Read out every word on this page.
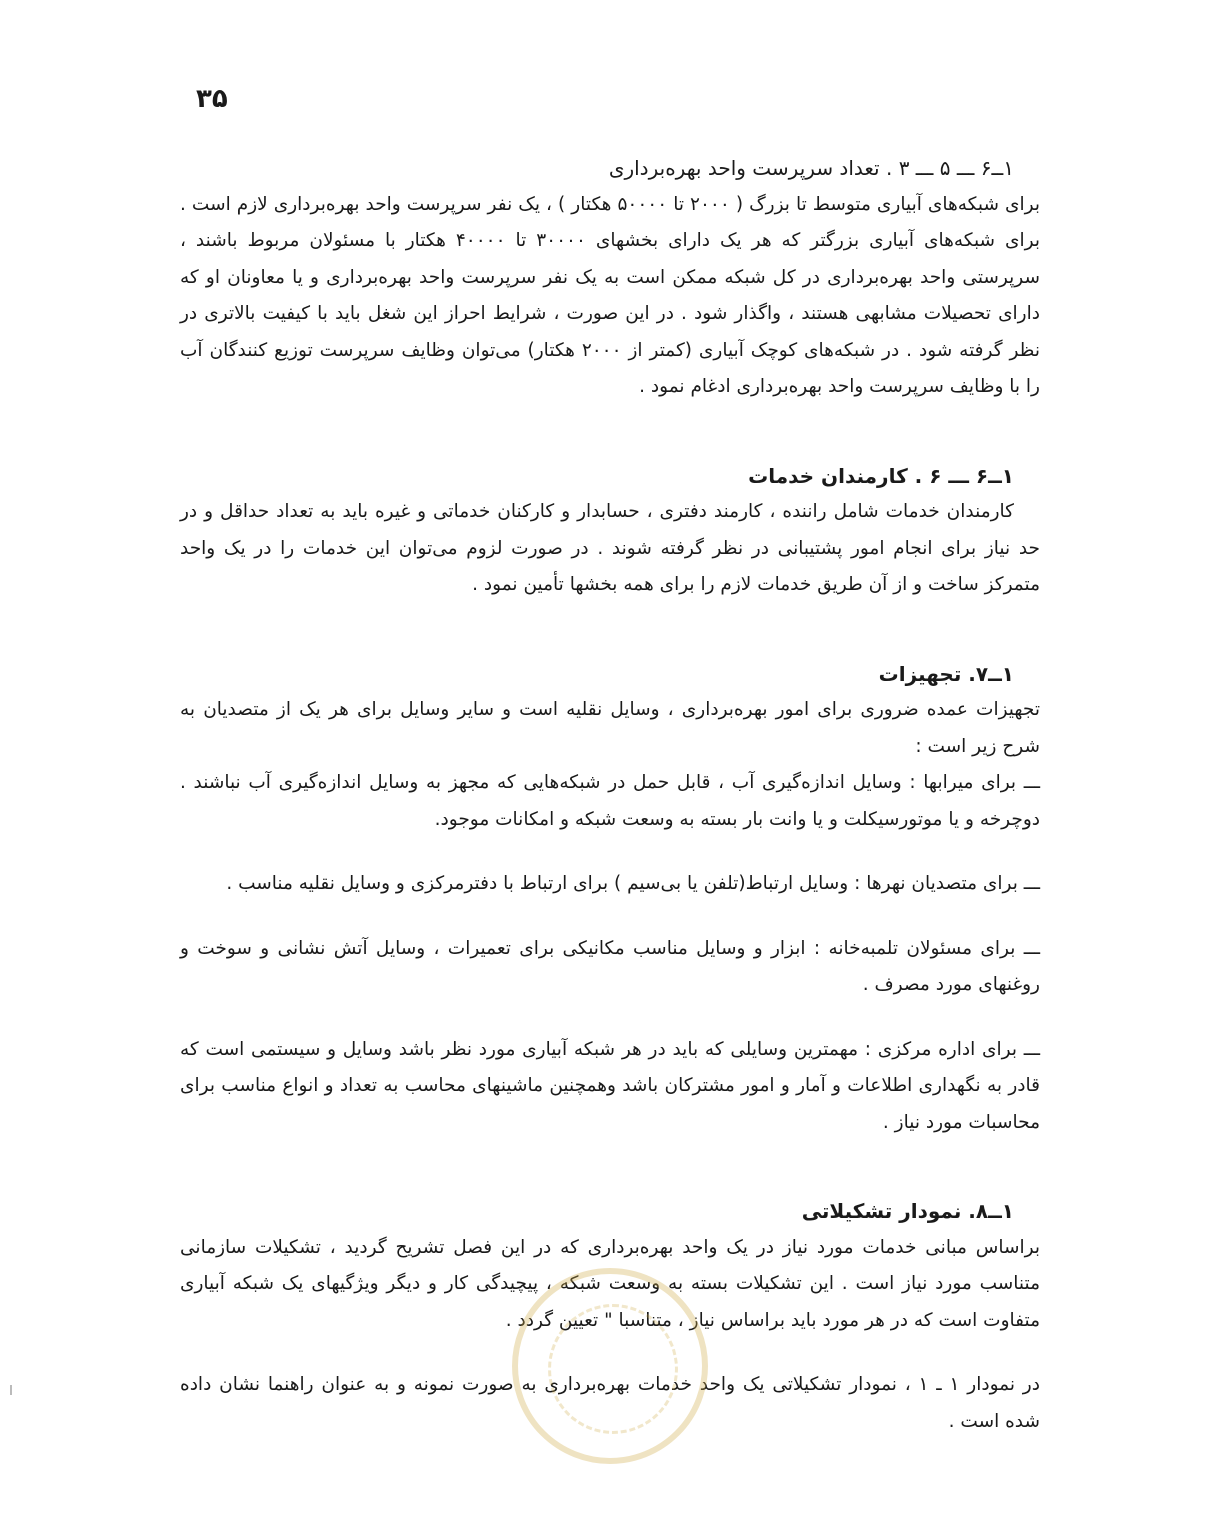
۳۵

۱ــ۶ ـــ ۵ ـــ ۳ . تعداد سرپرست واحد بهره‌برداری

برای شبکه‌های آبیاری متوسط تا بزرگ ( ۲۰۰۰ تا ۵۰۰۰۰ هکتار ) ، یک نفر سرپرست واحد بهره‌برداری لازم است . برای شبکه‌های آبیاری بزرگتر که هر یک دارای بخشهای ۳۰۰۰۰ تا ۴۰۰۰۰ هکتار با مسئولان مربوط باشند ، سرپرستی واحد بهره‌برداری در کل شبکه ممکن است به یک نفر سرپرست واحد بهره‌برداری و یا معاونان او که دارای تحصیلات مشابهی هستند ، واگذار شود . در این صورت ، شرایط احراز این شغل باید با کیفیت بالاتری در نظر گرفته شود . در شبکه‌های کوچک آبیاری (کمتر از ۲۰۰۰ هکتار) می‌توان وظایف سرپرست توزیع کنندگان آب را با وظایف سرپرست واحد بهره‌برداری ادغام نمود .

۱ــ۶ ـــ ۶ . کارمندان خدمات

کارمندان خدمات شامل راننده ، کارمند دفتری ، حسابدار و کارکنان خدماتی و غیره باید به تعداد حداقل و در حد نیاز برای انجام امور پشتیبانی در نظر گرفته شوند . در صورت لزوم می‌توان این خدمات را در یک واحد متمرکز ساخت و از آن طریق خدمات لازم را برای همه بخشها تأمین نمود .

۱ــ۷. تجهیزات

تجهیزات عمده ضروری برای امور بهره‌برداری ، وسایل نقلیه است و سایر وسایل برای هر یک از متصدیان به شرح زیر است :

ـــ برای میرابها : وسایل اندازه‌گیری آب ، قابل حمل در شبکه‌هایی که مجهز به وسایل اندازه‌گیری آب نباشند . دوچرخه و یا موتورسیکلت و یا وانت بار بسته به وسعت شبکه و امکانات موجود.

ـــ برای متصدیان نهرها : وسایل ارتباط(تلفن یا بی‌سیم ) برای ارتباط با دفترمرکزی و وسایل نقلیه مناسب .

ـــ برای مسئولان تلمبه‌خانه : ابزار و وسایل مناسب مکانیکی برای تعمیرات ، وسایل آتش نشانی و سوخت و روغنهای مورد مصرف .

ـــ برای اداره مرکزی : مهمترین وسایلی که باید در هر شبکه آبیاری مورد نظر باشد وسایل و سیستمی است که قادر به نگهداری اطلاعات و آمار و امور مشترکان باشد وهمچنین ماشینهای محاسب به تعداد و انواع مناسب برای محاسبات مورد نیاز .

۱ــ۸. نمودار تشکیلاتی

براساس مبانی خدمات مورد نیاز در یک واحد بهره‌برداری که در این فصل تشریح گردید ، تشکیلات سازمانی متناسب مورد نیاز است . این تشکیلات بسته به وسعت شبکه ، پیچیدگی کار و دیگر ویژگیهای یک شبکه آبیاری متفاوت است که در هر مورد باید براساس نیاز ، متناسبا " تعیین گردد .

در نمودار ۱ ـ ۱ ، نمودار تشکیلاتی یک واحد خدمات بهره‌برداری به صورت نمونه و به عنوان راهنما نشان داده شده است .
